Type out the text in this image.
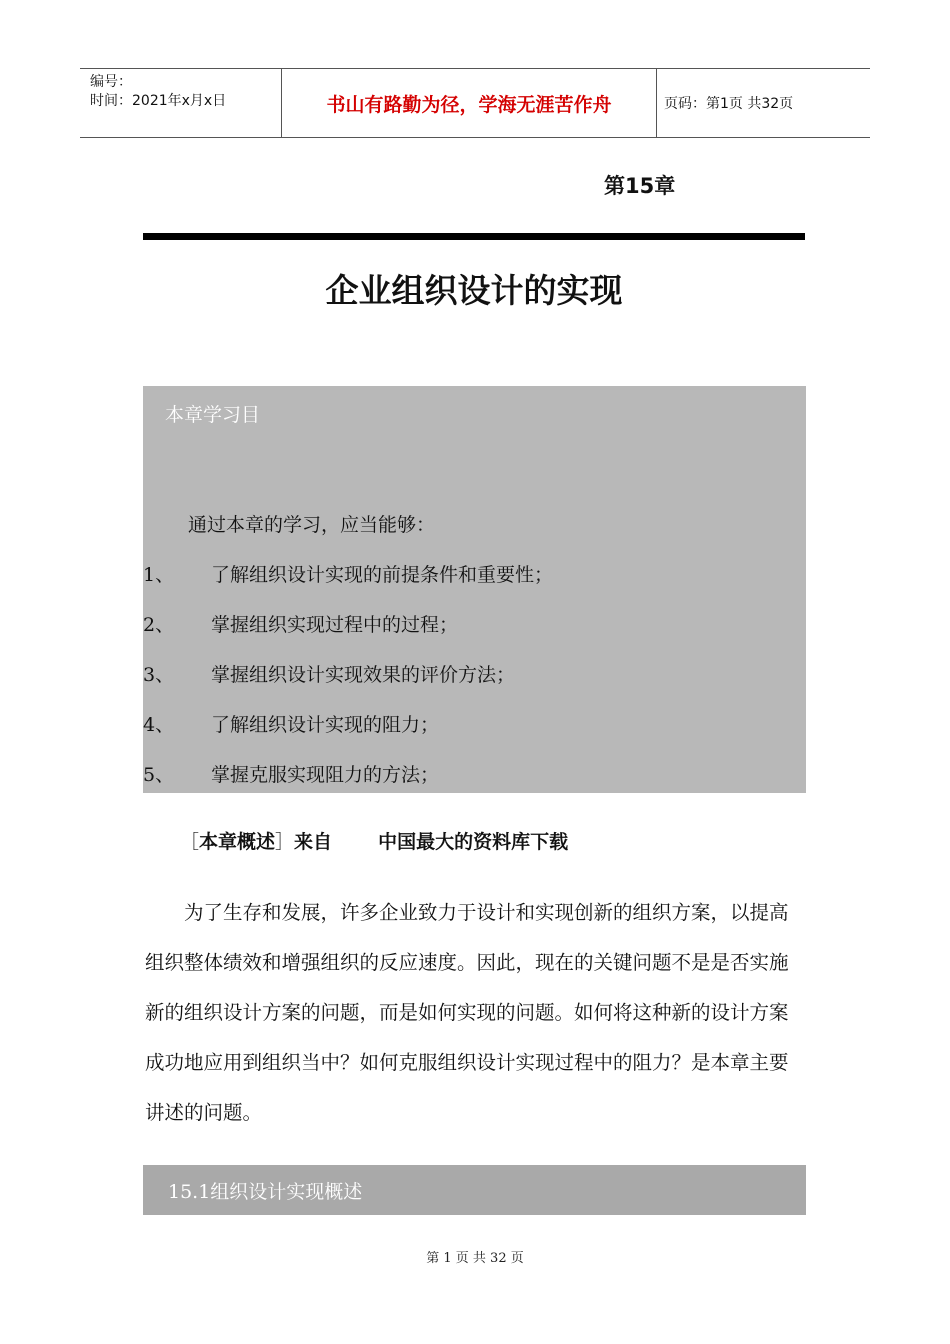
编号：
时间：2021年x月x日	书山有路勤为径，学海无涯苦作舟	页码：第1页 共32页
第15章
企业组织设计的实现
本章学习目
通过本章的学习，应当能够：
1、 了解组织设计实现的前提条件和重要性；
2、 掌握组织实现过程中的过程；
3、 掌握组织设计实现效果的评价方法；
4、 了解组织设计实现的阻力；
5、 掌握克服实现阻力的方法；
［本章概述］来自 中国最大的资料库下载

为了生存和发展，许多企业致力于设计和实现创新的组织方案，以提高组织整体绩效和增强组织的反应速度。因此，现在的关键问题不是是否实施新的组织设计方案的问题，而是如何实现的问题。如何将这种新的设计方案成功地应用到组织当中？如何克服组织设计实现过程中的阻力？是本章主要讲述的问题。

15.1组织设计实现概述
第 1 页 共 32 页
